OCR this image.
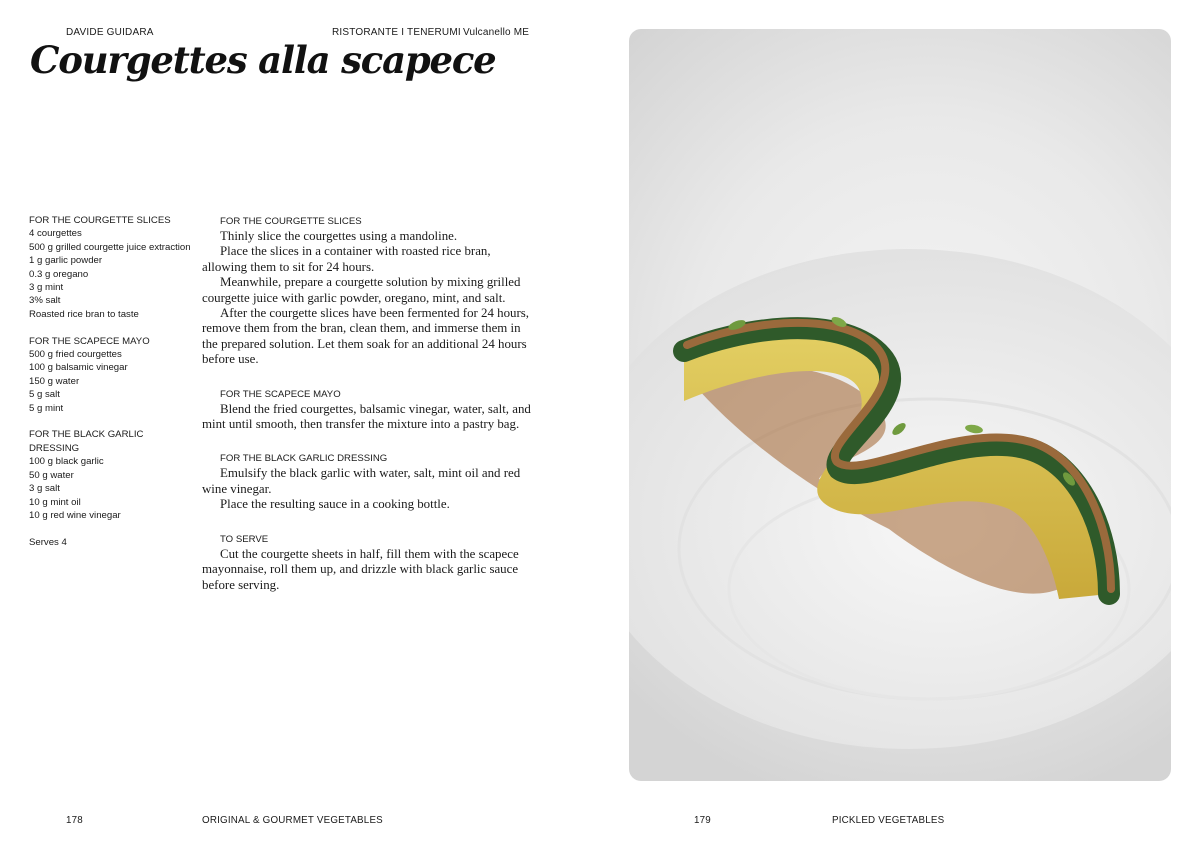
DAVIDE GUIDARA	RISTORANTE I TENERUMI Vulcanello ME
Courgettes alla scapece
FOR THE COURGETTE SLICES
4 courgettes
500 g grilled courgette juice extraction
1 g garlic powder
0.3 g oregano
3 g mint
3% salt
Roasted rice bran to taste
FOR THE SCAPECE MAYO
500 g fried courgettes
100 g balsamic vinegar
150 g water
5 g salt
5 g mint
FOR THE BLACK GARLIC DRESSING
100 g black garlic
50 g water
3 g salt
10 g mint oil
10 g red wine vinegar
Serves 4
FOR THE COURGETTE SLICES

Thinly slice the courgettes using a mandoline.

Place the slices in a container with roasted rice bran, allowing them to sit for 24 hours.

Meanwhile, prepare a courgette solution by mixing grilled courgette juice with garlic powder, oregano, mint, and salt.

After the courgette slices have been fermented for 24 hours, remove them from the bran, clean them, and immerse them in the prepared solution. Let them soak for an additional 24 hours before use.

FOR THE SCAPECE MAYO

Blend the fried courgettes, balsamic vinegar, water, salt, and mint until smooth, then transfer the mixture into a pastry bag.

FOR THE BLACK GARLIC DRESSING

Emulsify the black garlic with water, salt, mint oil and red wine vinegar.

Place the resulting sauce in a cooking bottle.

TO SERVE

Cut the courgette sheets in half, fill them with the scapece mayonnaise, roll them up, and drizzle with black garlic sauce before serving.

178	ORIGINAL & GOURMET VEGETABLES	179	PICKLED VEGETABLES
